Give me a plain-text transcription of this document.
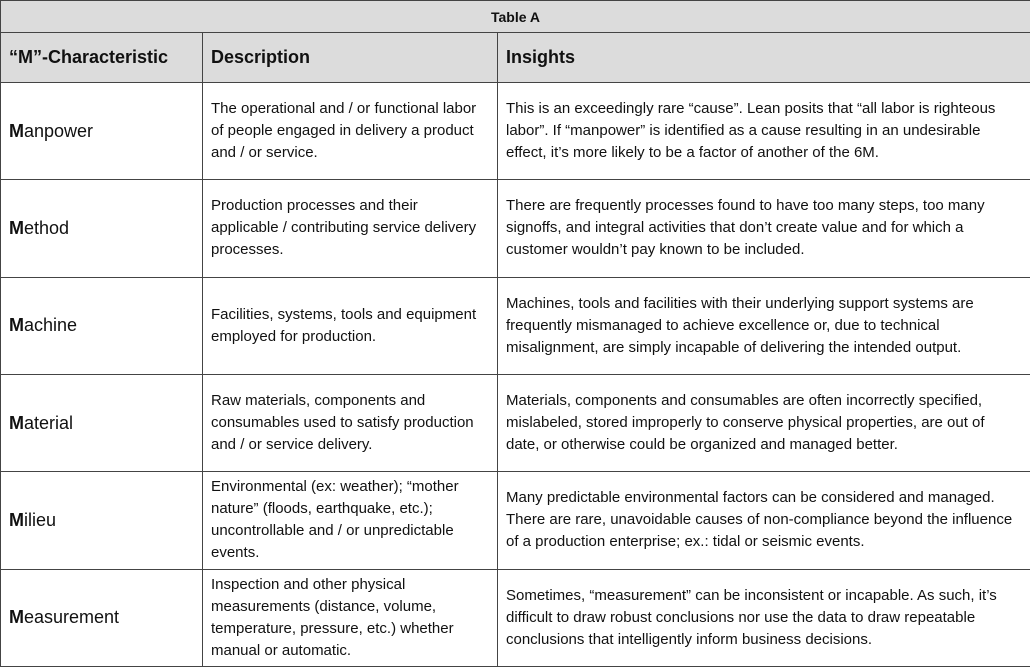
Table A		
“M”-Characteristic	Description	Insights
Manpower	The operational and / or functional labor of people engaged in delivery a product and / or service.	This is an exceedingly rare “cause”. Lean posits that “all labor is righteous labor”. If “manpower” is identified as a cause resulting in an undesirable effect, it’s more likely to be a factor of another of the 6M.
Method	Production processes and their applicable / contributing service delivery processes.	There are frequently processes found to have too many steps, too many signoffs, and integral activities that don’t create value and for which a customer wouldn’t pay known to be included.
Machine	Facilities, systems, tools and equipment employed for production.	Machines, tools and facilities with their underlying support systems are frequently mismanaged to achieve excellence or, due to technical misalignment, are simply incapable of delivering the intended output.
Material	Raw materials, components and consumables used to satisfy production and / or service delivery.	Materials, components and consumables are often incorrectly specified, mislabeled, stored improperly to conserve physical properties, are out of date, or otherwise could be organized and managed better.
Milieu	Environmental (ex: weather); “mother nature” (floods, earthquake, etc.); uncontrollable and / or unpredictable events.	Many predictable environmental factors can be considered and managed. There are rare, unavoidable causes of non-compliance beyond the influence of a production enterprise; ex.: tidal or seismic events.
Measurement	Inspection and other physical measurements (distance, volume, temperature, pressure, etc.) whether manual or automatic.	Sometimes, “measurement” can be inconsistent or incapable. As such, it’s difficult to draw robust conclusions nor use the data to draw repeatable conclusions that intelligently inform business decisions.
